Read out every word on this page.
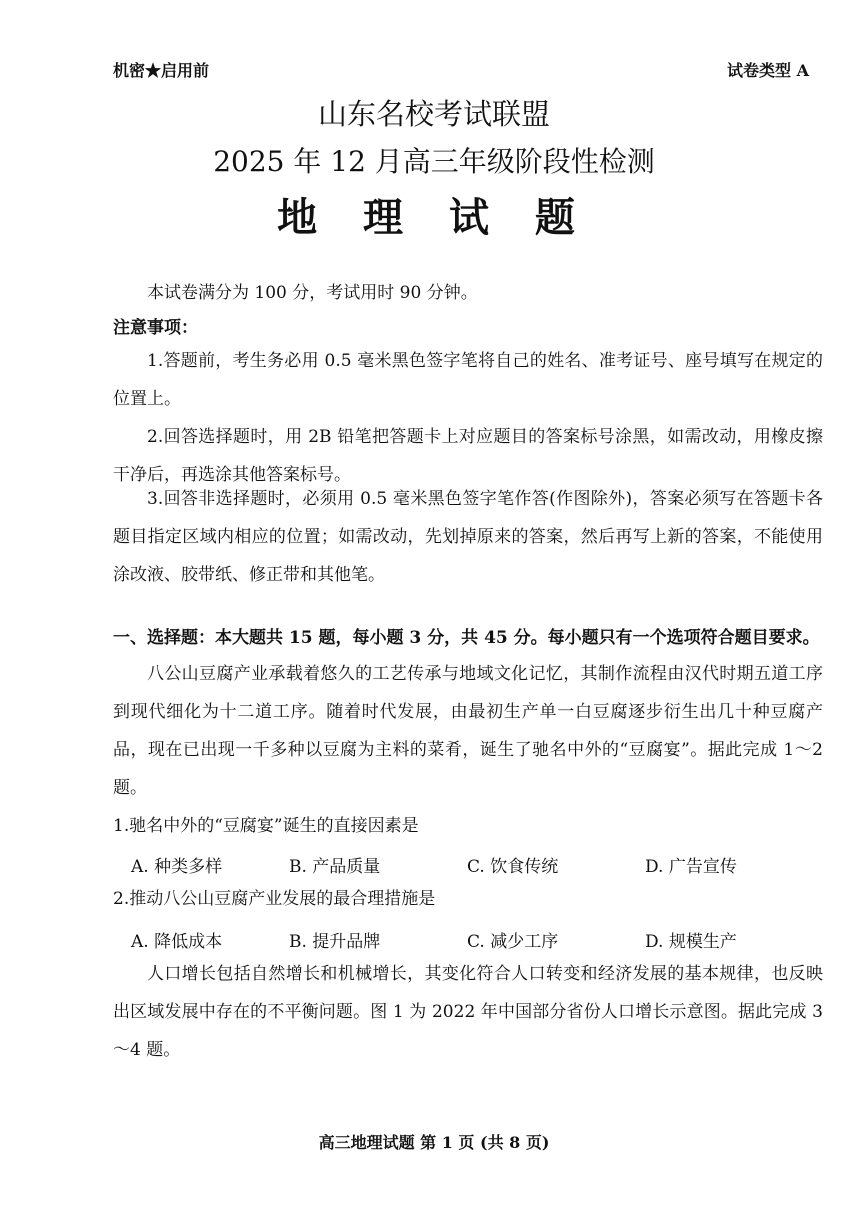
机密★启用前	试卷类型 A
山东名校考试联盟
2025 年 12 月高三年级阶段性检测
地 理 试 题
本试卷满分为 100 分，考试用时 90 分钟。
注意事项：
1.答题前，考生务必用 0.5 毫米黑色签字笔将自己的姓名、准考证号、座号填写在规定的位置上。
2.回答选择题时，用 2B 铅笔把答题卡上对应题目的答案标号涂黑，如需改动，用橡皮擦干净后，再选涂其他答案标号。
3.回答非选择题时，必须用 0.5 毫米黑色签字笔作答(作图除外)，答案必须写在答题卡各题目指定区域内相应的位置；如需改动，先划掉原来的答案，然后再写上新的答案，不能使用涂改液、胶带纸、修正带和其他笔。
一、选择题：本大题共 15 题，每小题 3 分，共 45 分。每小题只有一个选项符合题目要求。
八公山豆腐产业承载着悠久的工艺传承与地域文化记忆，其制作流程由汉代时期五道工序到现代细化为十二道工序。随着时代发展，由最初生产单一白豆腐逐步衍生出几十种豆腐产品，现在已出现一千多种以豆腐为主料的菜肴，诞生了驰名中外的“豆腐宴”。据此完成 1～2 题。
1.驰名中外的“豆腐宴”诞生的直接因素是
A. 种类多样	B. 产品质量	C. 饮食传统	D. 广告宣传
2.推动八公山豆腐产业发展的最合理措施是
A. 降低成本	B. 提升品牌	C. 减少工序	D. 规模生产
人口增长包括自然增长和机械增长，其变化符合人口转变和经济发展的基本规律，也反映出区域发展中存在的不平衡问题。图 1 为 2022 年中国部分省份人口增长示意图。据此完成 3～4 题。
高三地理试题 第 1 页 (共 8 页)
